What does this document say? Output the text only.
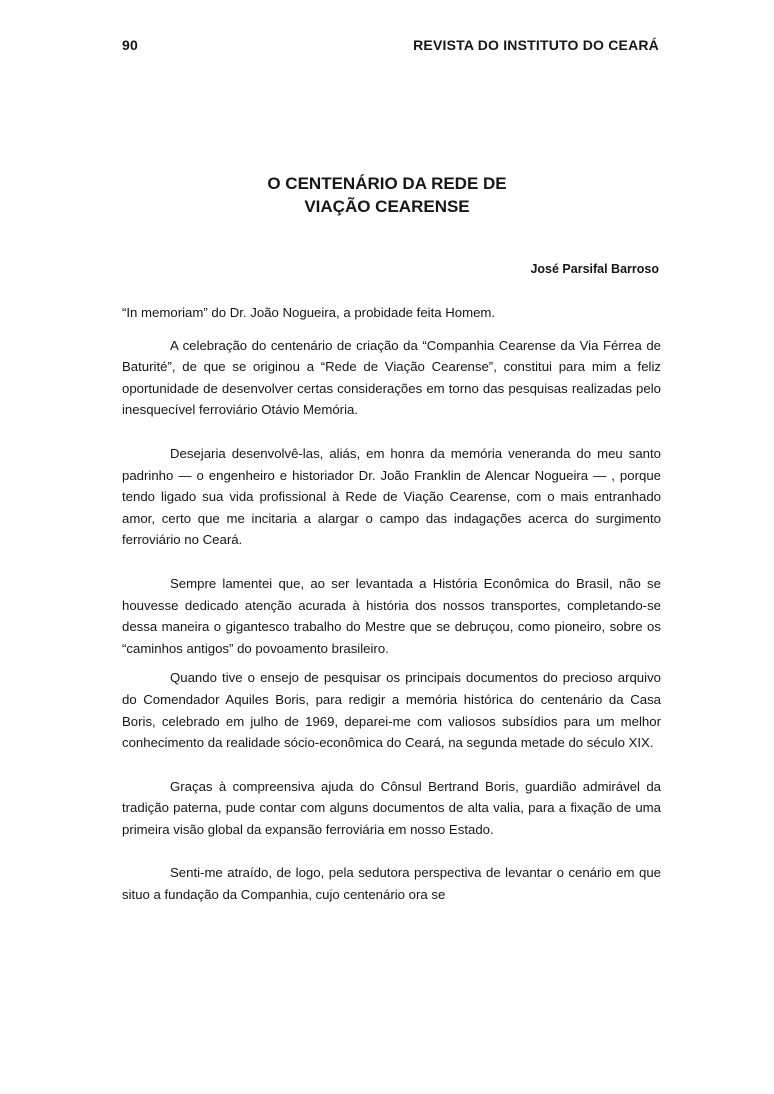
90	REVISTA DO INSTITUTO DO CEARÁ
O CENTENÁRIO DA REDE DE
VIAÇÃO CEARENSE
José Parsifal Barroso

“In memoriam” do Dr. João Nogueira, a probidade feita Homem.

A celebração do centenário de criação da “Companhia Cearense da Via Férrea de Baturité”, de que se originou a “Rede de Viação Cearense”, constitui para mim a feliz oportunidade de desenvolver certas considerações em torno das pesquisas realizadas pelo inesquecível ferroviário Otávio Memória.

Desejaria desenvolvê-las, aliás, em honra da memória veneranda do meu santo padrinho — o engenheiro e historiador Dr. João Franklin de Alencar Nogueira — , porque tendo ligado sua vida profissional à Rede de Viação Cearense, com o mais entranhado amor, certo que me incitaria a alargar o campo das indagações acerca do surgimento ferroviário no Ceará.

Sempre lamentei que, ao ser levantada a História Econômica do Brasil, não se houvesse dedicado atenção acurada à história dos nossos transportes, completando-se dessa maneira o gigantesco trabalho do Mestre que se debruçou, como pioneiro, sobre os “caminhos antigos” do povoamento brasileiro.

Quando tive o ensejo de pesquisar os principais documentos do precioso arquivo do Comendador Aquiles Boris, para redigir a memória histórica do centenário da Casa Boris, celebrado em julho de 1969, deparei-me com valiosos subsídios para um melhor conhecimento da realidade sócio-econômica do Ceará, na segunda metade do século XIX.

Graças à compreensiva ajuda do Cônsul Bertrand Boris, guardião admirável da tradição paterna, pude contar com alguns documentos de alta valia, para a fixação de uma primeira visão global da expansão ferroviária em nosso Estado.

Senti-me atraído, de logo, pela sedutora perspectiva de levantar o cenário em que situo a fundação da Companhia, cujo centenário ora se
